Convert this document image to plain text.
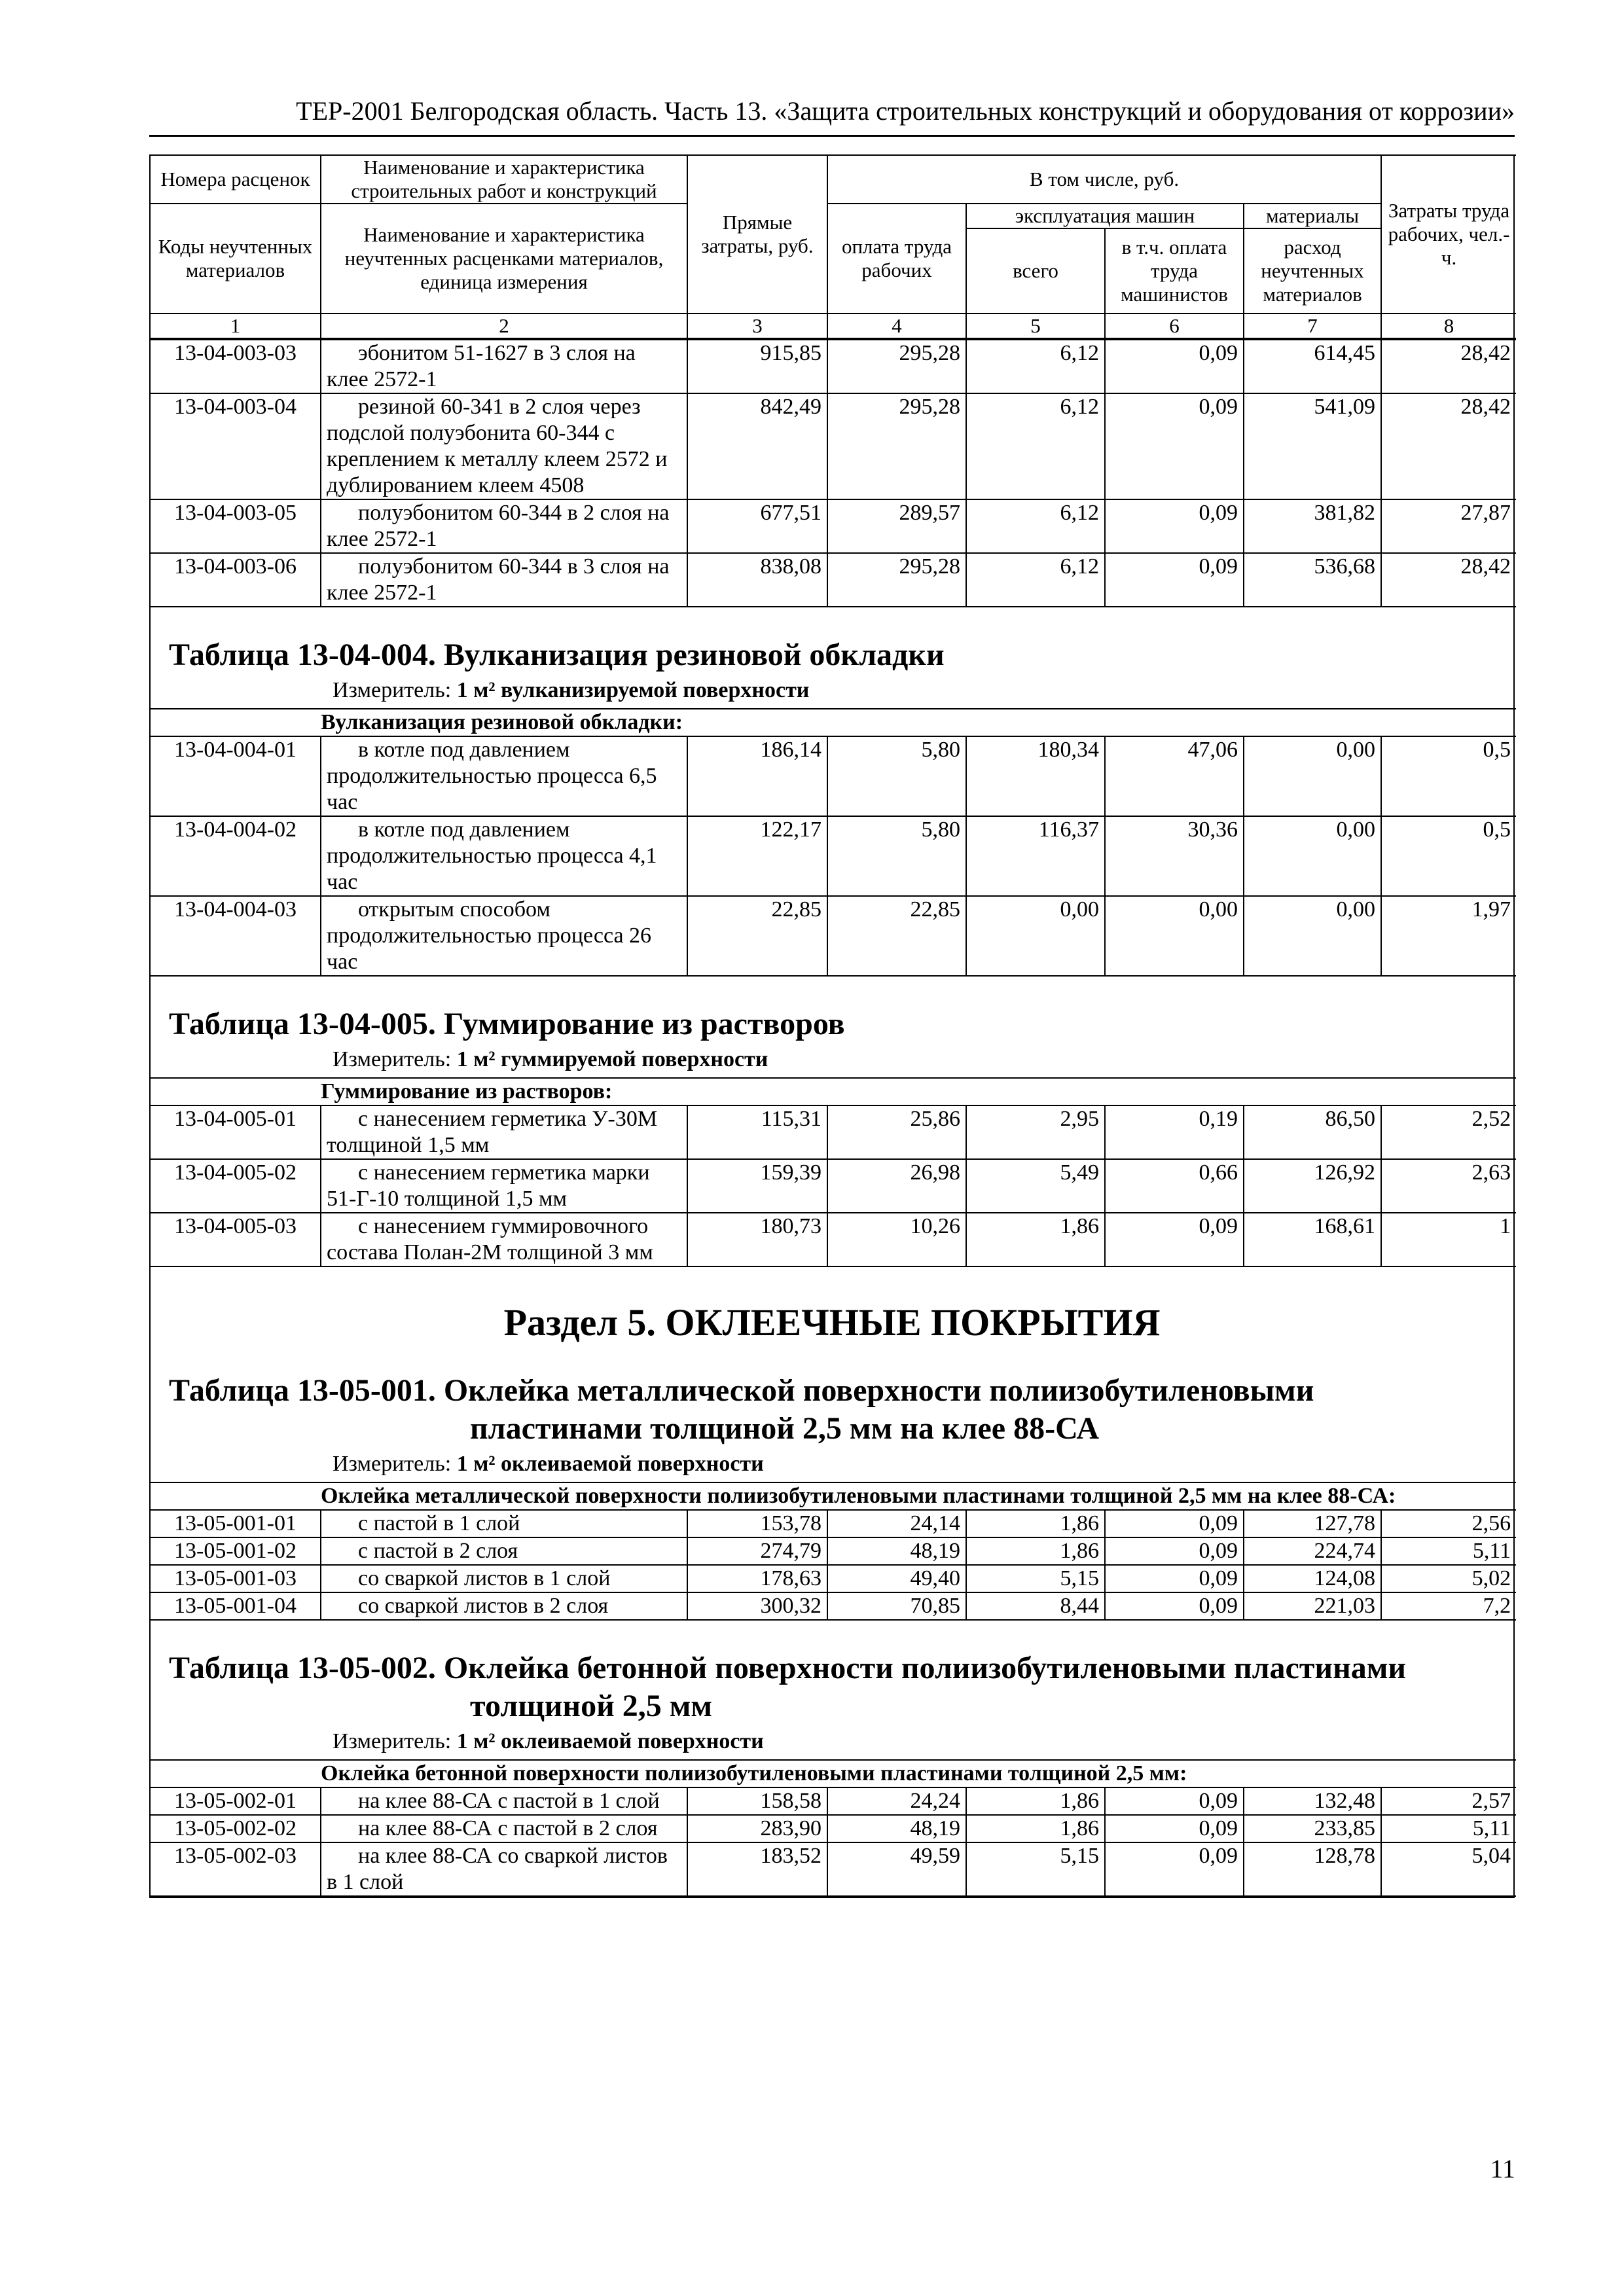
ТЕР-2001 Белгородская область. Часть 13. «Защита строительных конструкций и оборудования от коррозии»
Номера расценок	Наименование и характеристика строительных работ и конструкций	Прямые затраты, руб.	В том числе, руб.				Затраты труда рабочих, чел.-ч.
Коды неучтенных материалов	Наименование и характеристика неучтенных расценками материалов, единица измерения		оплата труда рабочих	эксплуатация машин		материалы	
				всего	в т.ч. оплата труда машинистов	расход неучтенных материалов	
1	2	3	4	5	6	7	8
13-04-003-03	эбонитом 51-1627 в 3 слоя на клее 2572-1	915,85	295,28	6,12	0,09	614,45	28,42
13-04-003-04	резиной 60-341 в 2 слоя через подслой полуэбонита 60-344 с креплением к металлу клеем 2572 и дублированием клеем 4508	842,49	295,28	6,12	0,09	541,09	28,42
13-04-003-05	полуэбонитом 60-344 в 2 слоя на клее 2572-1	677,51	289,57	6,12	0,09	381,82	27,87
13-04-003-06	полуэбонитом 60-344 в 3 слоя на клее 2572-1	838,08	295,28	6,12	0,09	536,68	28,42
Таблица 13-04-004. Вулканизация резиновой обкладки
Измеритель: 1 м² вулканизируемой поверхности
Вулканизация резиновой обкладки:							
13-04-004-01	в котле под давлением продолжительностью процесса 6,5 час	186,14	5,80	180,34	47,06	0,00	0,5
13-04-004-02	в котле под давлением продолжительностью процесса 4,1 час	122,17	5,80	116,37	30,36	0,00	0,5
13-04-004-03	открытым способом продолжительностью процесса 26 час	22,85	22,85	0,00	0,00	0,00	1,97
Таблица 13-04-005. Гуммирование из растворов
Измеритель: 1 м² гуммируемой поверхности
Гуммирование из растворов:							
13-04-005-01	с нанесением герметика У-30М толщиной 1,5 мм	115,31	25,86	2,95	0,19	86,50	2,52
13-04-005-02	с нанесением герметика марки 51-Г-10 толщиной 1,5 мм	159,39	26,98	5,49	0,66	126,92	2,63
13-04-005-03	с нанесением гуммировочного состава Полан-2М толщиной 3 мм	180,73	10,26	1,86	0,09	168,61	1
Раздел 5. ОКЛЕЕЧНЫЕ ПОКРЫТИЯ
Таблица 13-05-001. Оклейка металлической поверхности полиизобутиленовыми
пластинами толщиной 2,5 мм на клее 88-СА
Измеритель: 1 м² оклеиваемой поверхности
Оклейка металлической поверхности полиизобутиленовыми пластинами толщиной 2,5 мм на клее 88-СА:							
13-05-001-01	с пастой в 1 слой	153,78	24,14	1,86	0,09	127,78	2,56
13-05-001-02	с пастой в 2 слоя	274,79	48,19	1,86	0,09	224,74	5,11
13-05-001-03	со сваркой листов в 1 слой	178,63	49,40	5,15	0,09	124,08	5,02
13-05-001-04	со сваркой листов в 2 слоя	300,32	70,85	8,44	0,09	221,03	7,2
Таблица 13-05-002. Оклейка бетонной поверхности полиизобутиленовыми пластинами
толщиной 2,5 мм
Измеритель: 1 м² оклеиваемой поверхности
Оклейка бетонной поверхности полиизобутиленовыми пластинами толщиной 2,5 мм:							
13-05-002-01	на клее 88-СА с пастой в 1 слой	158,58	24,24	1,86	0,09	132,48	2,57
13-05-002-02	на клее 88-СА с пастой в 2 слоя	283,90	48,19	1,86	0,09	233,85	5,11
13-05-002-03	на клее 88-СА со сваркой листов в 1 слой	183,52	49,59	5,15	0,09	128,78	5,04
11
